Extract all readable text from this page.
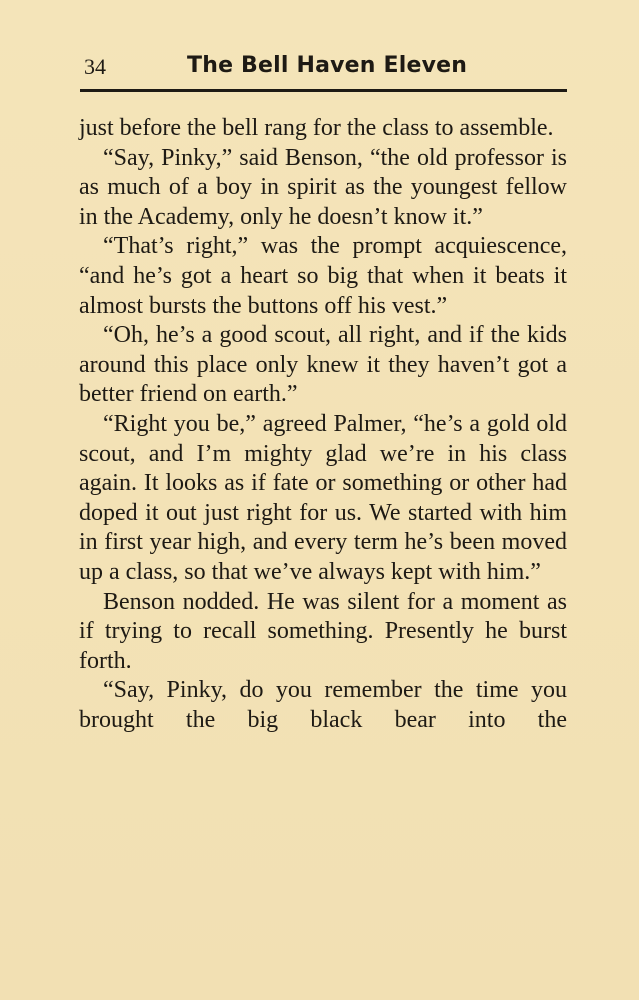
34	The Bell Haven Eleven

just before the bell rang for the class to assemble.

“Say, Pinky,” said Benson, “the old professor is as much of a boy in spirit as the youngest fellow in the Academy, only he doesn’t know it.”

“That’s right,” was the prompt acquiescence, “and he’s got a heart so big that when it beats it almost bursts the buttons off his vest.”

“Oh, he’s a good scout, all right, and if the kids around this place only knew it they haven’t got a better friend on earth.”

“Right you be,” agreed Palmer, “he’s a gold old scout, and I’m mighty glad we’re in his class again. It looks as if fate or something or other had doped it out just right for us. We started with him in first year high, and every term he’s been moved up a class, so that we’ve always kept with him.”

Benson nodded. He was silent for a moment as if trying to recall something. Presently he burst forth.

“Say, Pinky, do you remember the time you brought the big black bear into the
